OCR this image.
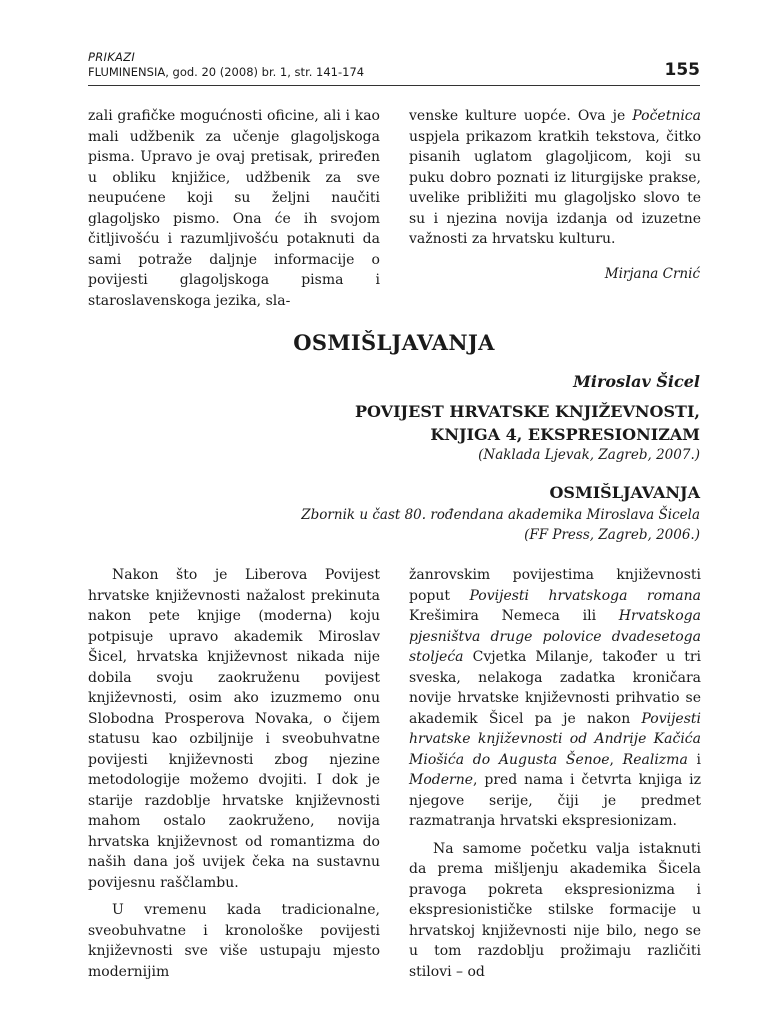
PRIKAZI
FLUMINENSIA, god. 20 (2008) br. 1, str. 141-174	155

zali grafičke mogućnosti oficine, ali i kao mali udžbenik za učenje glagoljskoga pisma. Upravo je ovaj pretisak, priređen u obliku knjižice, udžbenik za sve neupućene koji su željni naučiti glagoljsko pismo. Ona će ih svojom čitljivošću i razumljivošću potaknuti da sami potraže daljnje informacije o povijesti glagoljskoga pisma i staroslavenskoga jezika, sla-

venske kulture uopće. Ova je Početnica uspjela prikazom kratkih tekstova, čitko pisanih uglatom glagoljicom, koji su puku dobro poznati iz liturgijske prakse, uvelike približiti mu glagoljsko slovo te su i njezina novija izdanja od izuzetne važnosti za hrvatsku kulturu.

Mirjana Crnić
OSMIŠLJAVANJA
Miroslav Šicel
POVIJEST HRVATSKE KNJIŽEVNOSTI,
KNJIGA 4, EKSPRESIONIZAM
(Naklada Ljevak, Zagreb, 2007.)
OSMIŠLJAVANJA
Zbornik u čast 80. rođendana akademika Miroslava Šicela
(FF Press, Zagreb, 2006.)

Nakon što je Liberova Povijest hrvatske književnosti nažalost prekinuta nakon pete knjige (moderna) koju potpisuje upravo akademik Miroslav Šicel, hrvatska književnost nikada nije dobila svoju zaokruženu povijest književnosti, osim ako izuzmemo onu Slobodna Prosperova Novaka, o čijem statusu kao ozbiljnije i sveobuhvatne povijesti književnosti zbog njezine metodologije možemo dvojiti. I dok je starije razdoblje hrvatske književnosti mahom ostalo zaokruženo, novija hrvatska književnost od romantizma do naših dana još uvijek čeka na sustavnu povijesnu raščlambu.

U vremenu kada tradicionalne, sveobuhvatne i kronološke povijesti književnosti sve više ustupaju mjesto modernijim

žanrovskim povijestima književnosti poput Povijesti hrvatskoga romana Krešimira Nemeca ili Hrvatskoga pjesništva druge polovice dvadesetoga stoljeća Cvjetka Milanje, također u tri sveska, nelakoga zadatka kroničara novije hrvatske književnosti prihvatio se akademik Šicel pa je nakon Povijesti hrvatske književnosti od Andrije Kačića Miošića do Augusta Šenoe, Realizma i Moderne, pred nama i četvrta knjiga iz njegove serije, čiji je predmet razmatranja hrvatski ekspresionizam.

Na samome početku valja istaknuti da prema mišljenju akademika Šicela pravoga pokreta ekspresionizma i ekspresionističke stilske formacije u hrvatskoj književnosti nije bilo, nego se u tom razdoblju prožimaju različiti stilovi – od
